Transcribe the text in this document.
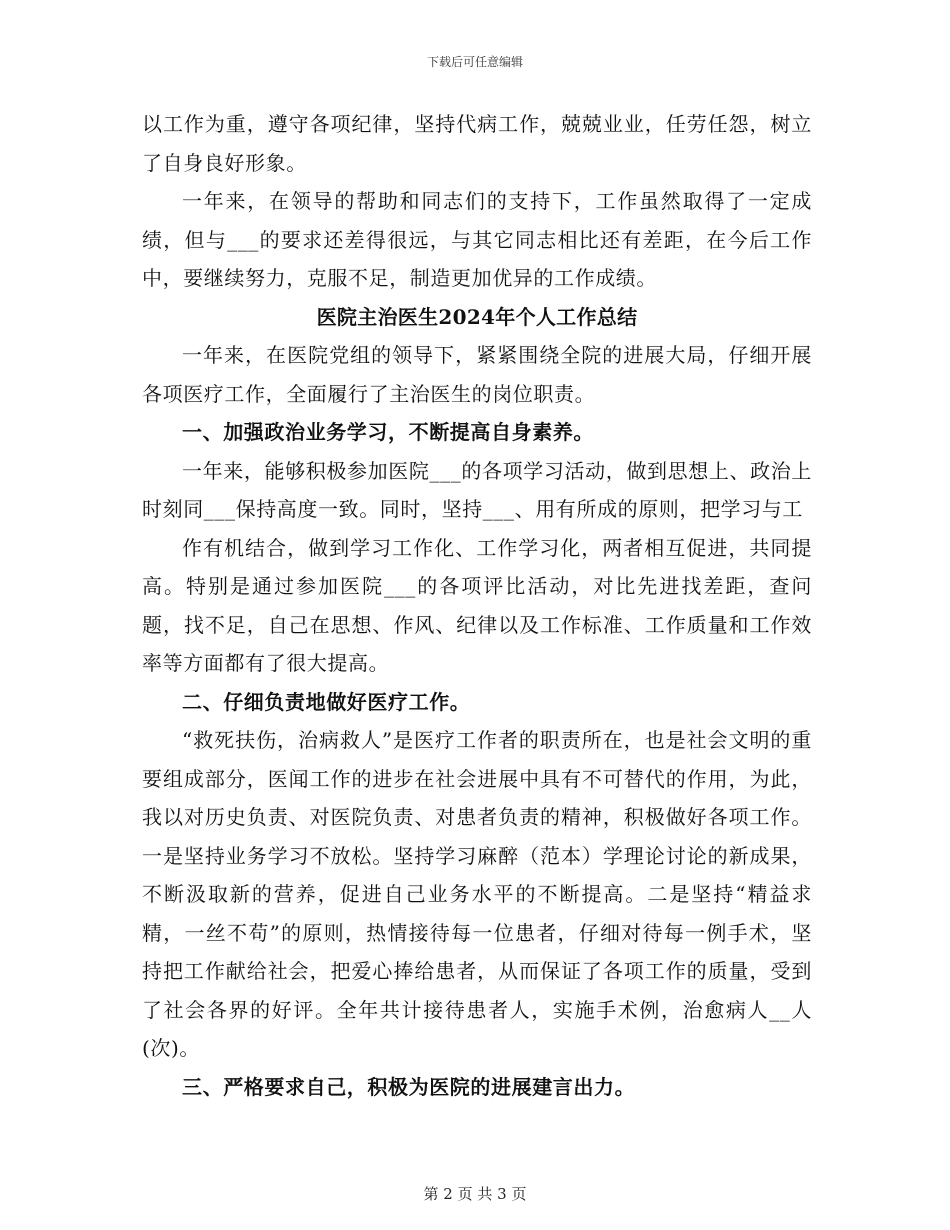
下载后可任意编辑

以工作为重，遵守各项纪律，坚持代病工作，兢兢业业，任劳任怨，树立了自身良好形象。

一年来，在领导的帮助和同志们的支持下，工作虽然取得了一定成绩，但与___的要求还差得很远，与其它同志相比还有差距，在今后工作中，要继续努力，克服不足，制造更加优异的工作成绩。

医院主治医生2024年个人工作总结

一年来，在医院党组的领导下，紧紧围绕全院的进展大局，仔细开展各项医疗工作，全面履行了主治医生的岗位职责。

一、加强政治业务学习，不断提高自身素养。

一年来，能够积极参加医院___的各项学习活动，做到思想上、政治上时刻同___保持高度一致。同时，坚持___、用有所成的原则，把学习与工

作有机结合，做到学习工作化、工作学习化，两者相互促进，共同提高。特别是通过参加医院___的各项评比活动，对比先进找差距，查问题，找不足，自己在思想、作风、纪律以及工作标准、工作质量和工作效率等方面都有了很大提高。

二、仔细负责地做好医疗工作。

“救死扶伤，治病救人”是医疗工作者的职责所在，也是社会文明的重要组成部分，医闻工作的进步在社会进展中具有不可替代的作用，为此，我以对历史负责、对医院负责、对患者负责的精神，积极做好各项工作。一是坚持业务学习不放松。坚持学习麻醉（范本）学理论讨论的新成果，不断汲取新的营养，促进自己业务水平的不断提高。二是坚持“精益求精，一丝不苟”的原则，热情接待每一位患者，仔细对待每一例手术，坚持把工作献给社会，把爱心捧给患者，从而保证了各项工作的质量，受到了社会各界的好评。全年共计接待患者人，实施手术例，治愈病人__人(次)。

三、严格要求自己，积极为医院的进展建言出力。

第 2 页 共 3 页
